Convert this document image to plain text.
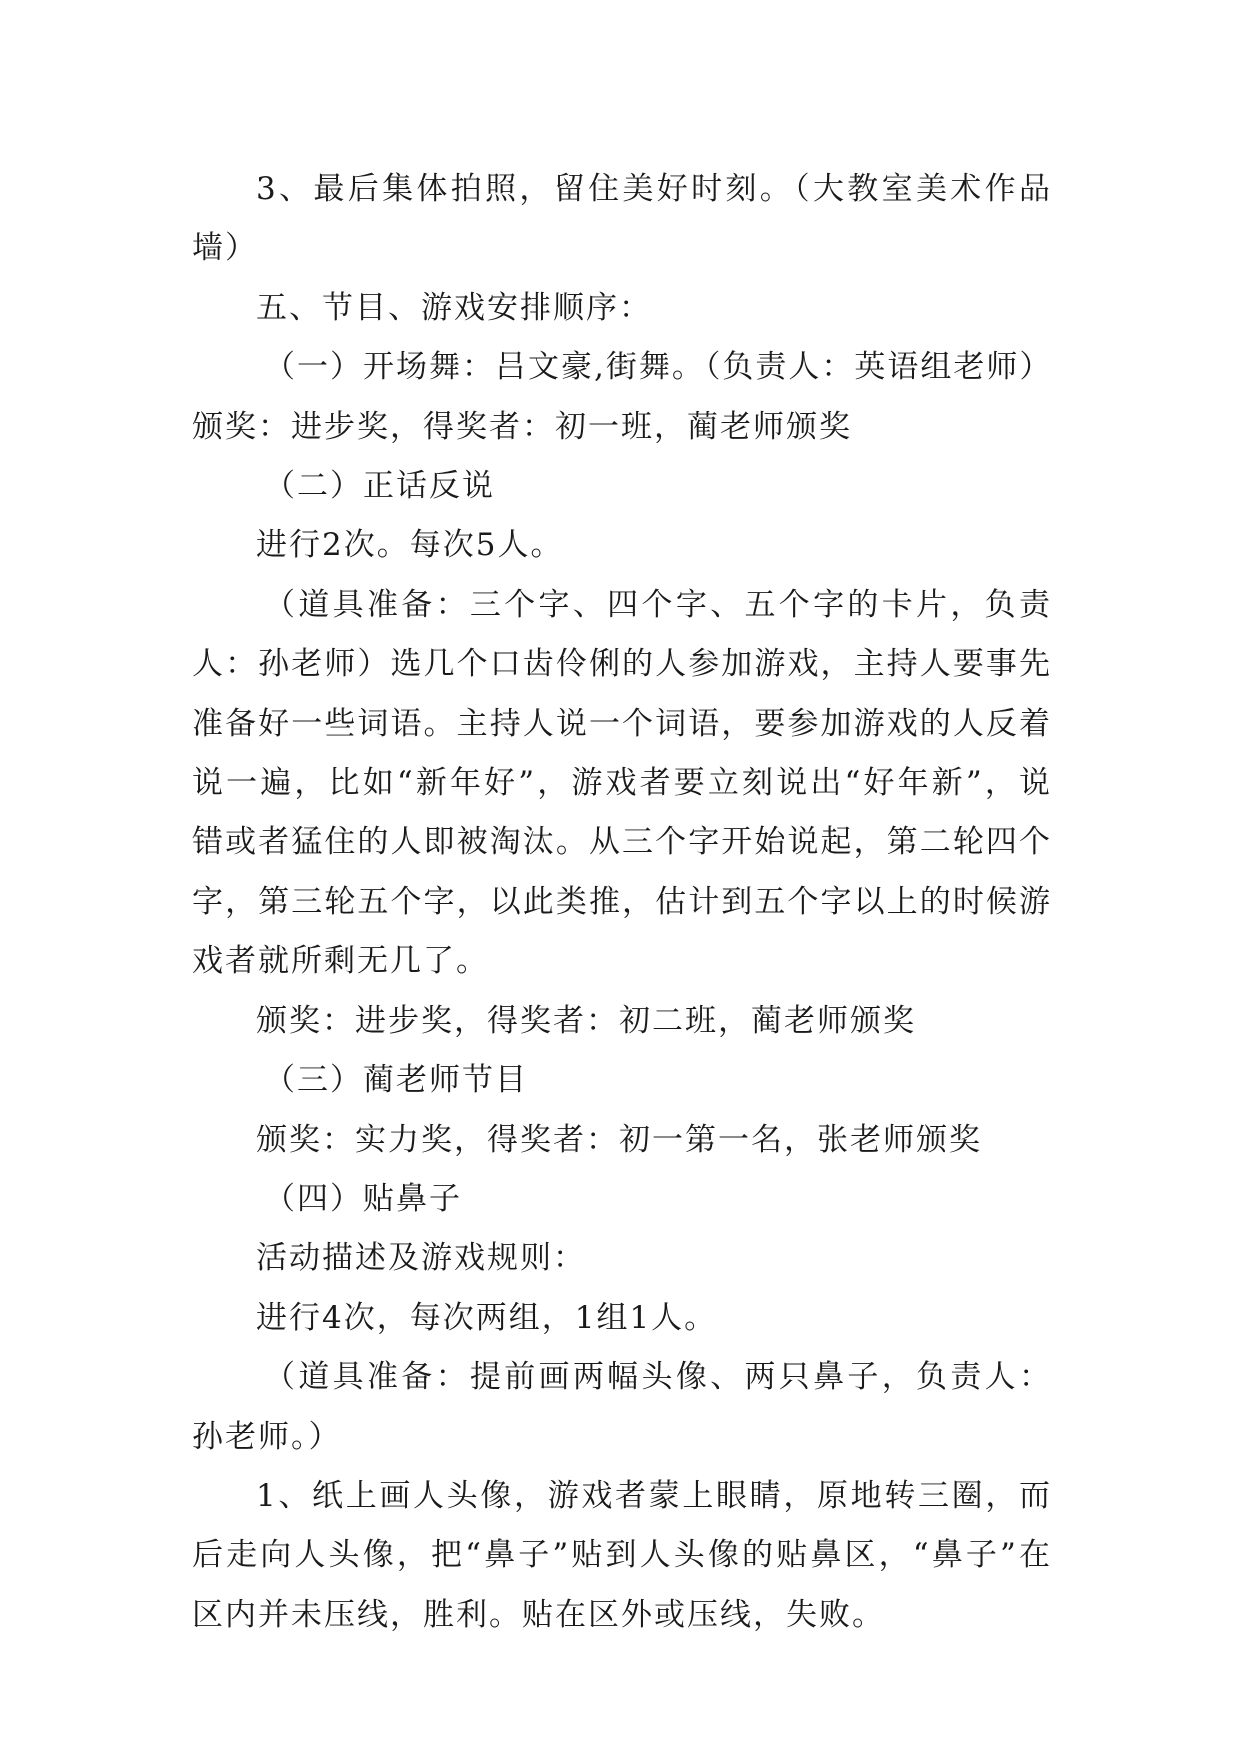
3、最后集体拍照，留住美好时刻。（大教室美术作品墙）

五、节目、游戏安排顺序：

（一）开场舞：吕文豪,街舞。（负责人：英语组老师）

颁奖：进步奖，得奖者：初一班，蔺老师颁奖

（二）正话反说

进行2次。每次5人。

（道具准备：三个字、四个字、五个字的卡片，负责人：孙老师）选几个口齿伶俐的人参加游戏，主持人要事先准备好一些词语。主持人说一个词语，要参加游戏的人反着说一遍，比如“新年好”，游戏者要立刻说出“好年新”，说错或者猛住的人即被淘汰。从三个字开始说起，第二轮四个字，第三轮五个字，以此类推，估计到五个字以上的时候游戏者就所剩无几了。

颁奖：进步奖，得奖者：初二班，蔺老师颁奖

（三）蔺老师节目

颁奖：实力奖，得奖者：初一第一名，张老师颁奖

（四）贴鼻子

活动描述及游戏规则：

进行4次，每次两组，1组1人。

（道具准备：提前画两幅头像、两只鼻子，负责人：孙老师。）

1、纸上画人头像，游戏者蒙上眼睛，原地转三圈，而后走向人头像，把“鼻子”贴到人头像的贴鼻区，“鼻子”在区内并未压线，胜利。贴在区外或压线，失败。
